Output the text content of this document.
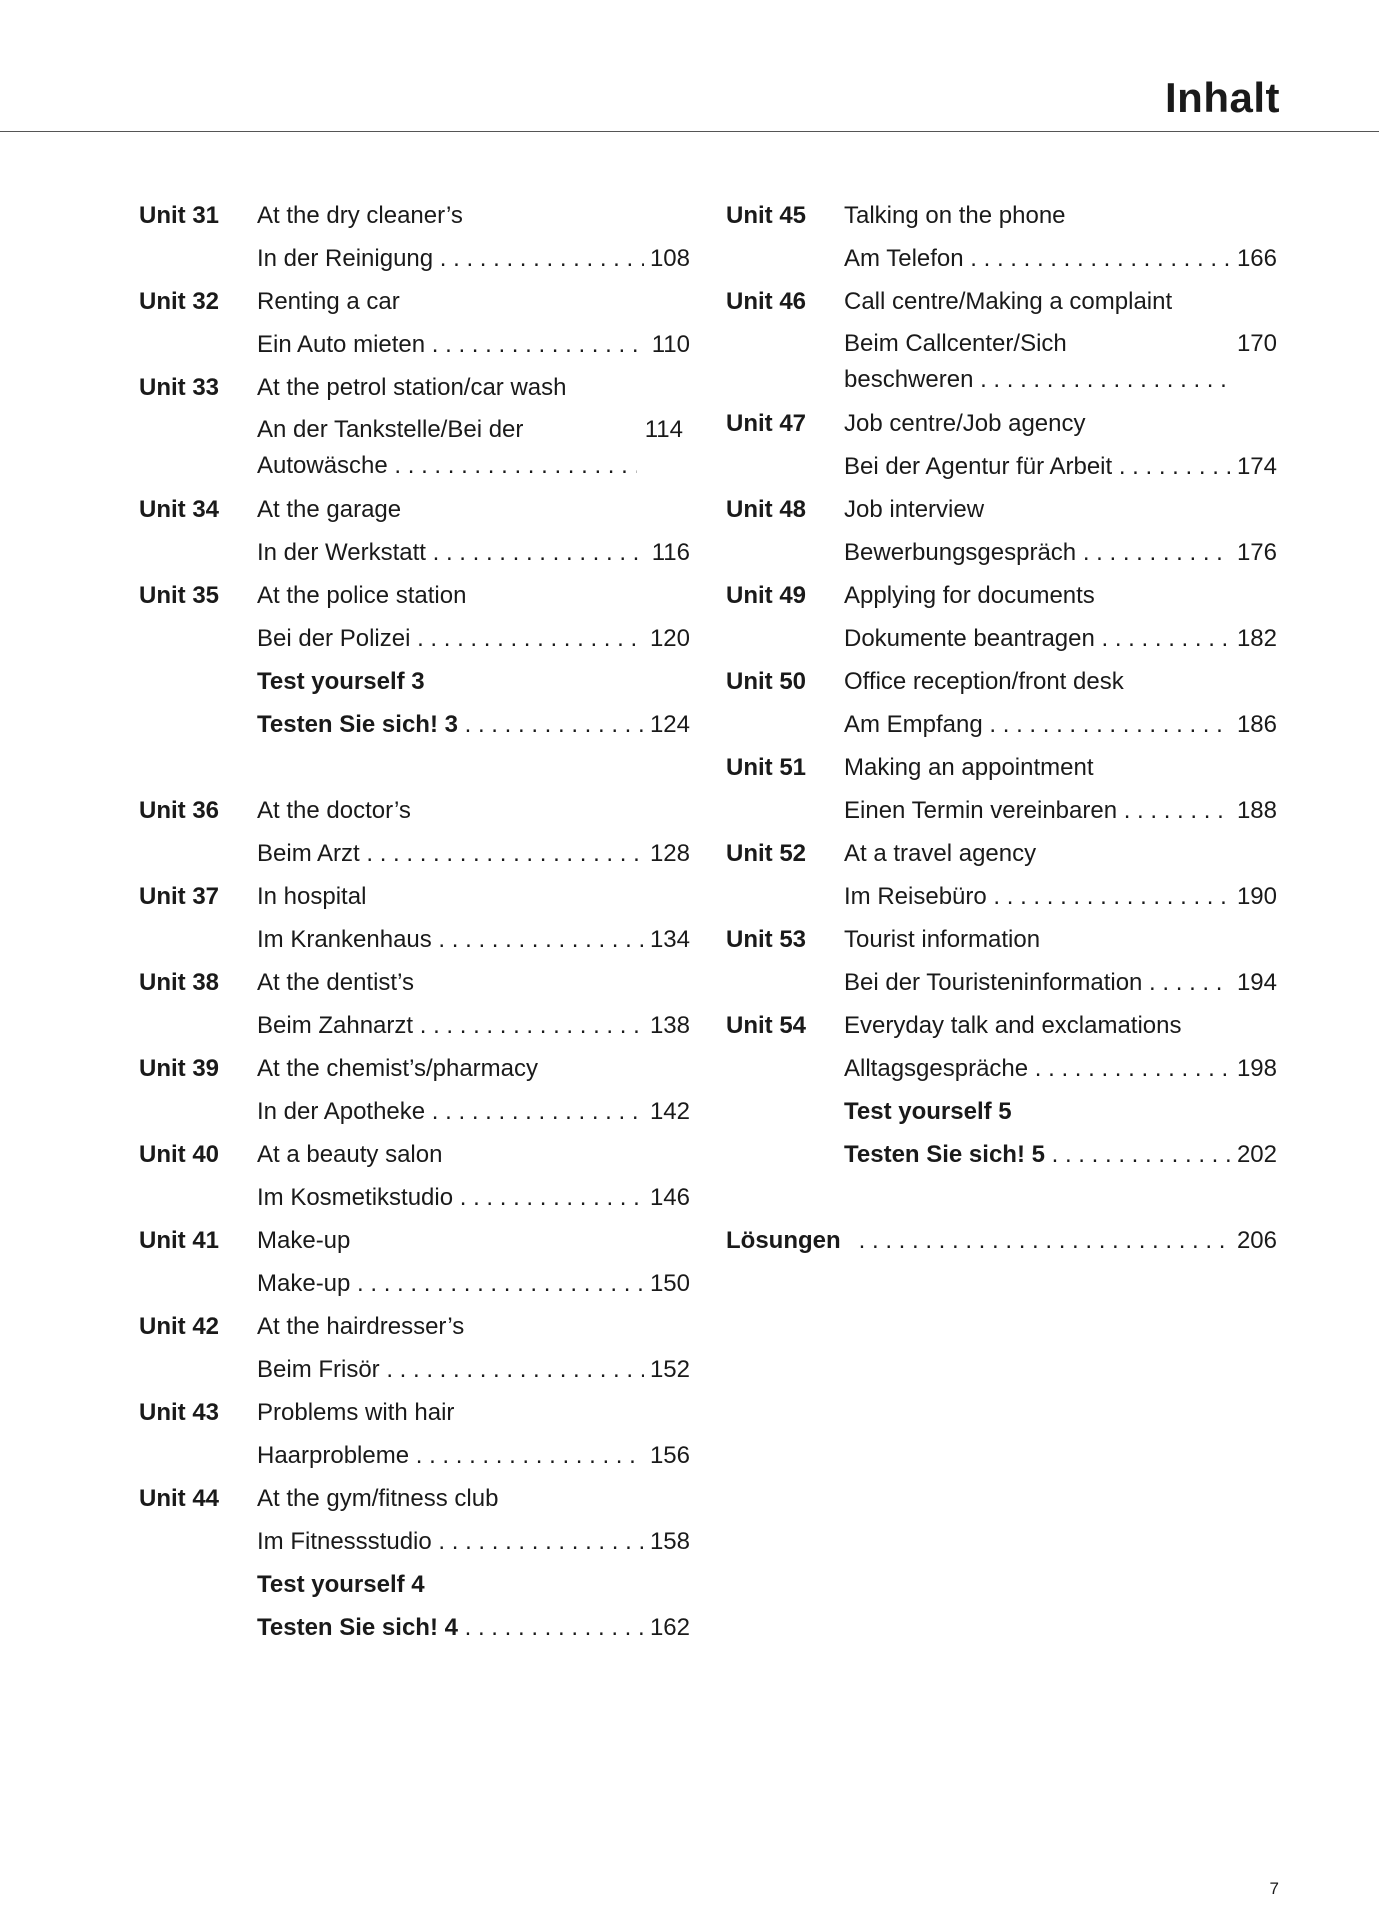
Inhalt
Unit 31	At the dry cleaner’s
In der Reinigung . . .	108
Unit 32	Renting a car
Ein Auto mieten . . .	110
Unit 33	At the petrol station/car wash
An der Tankstelle/Bei der Autowäsche . . .
114
Unit 34	At the garage
In der Werkstatt . . .	116
Unit 35	At the police station
Bei der Polizei . . .	120
Test yourself 3
Testen Sie sich! 3 . . .	124
Unit 36	At the doctor’s
Beim Arzt . . .	128
Unit 37	In hospital
Im Krankenhaus . . .	134
Unit 38	At the dentist’s
Beim Zahnarzt . . .	138
Unit 39	At the chemist’s/pharmacy
In der Apotheke . . .	142
Unit 40	At a beauty salon
Im Kosmetikstudio . . .	146
Unit 41	Make-up
Make-up . . .	150
Unit 42	At the hairdresser’s
Beim Frisör . . .	152
Unit 43	Problems with hair
Haarprobleme . . .	156
Unit 44	At the gym/fitness club
Im Fitnessstudio . . .	158
Test yourself 4
Testen Sie sich! 4 . . .	162
Unit 45	Talking on the phone
Am Telefon . . .	166
Unit 46	Call centre/Making a complaint
Beim Callcenter/Sich beschweren . . .
170
Unit 47	Job centre/Job agency
Bei der Agentur für Arbeit . . .	174
Unit 48	Job interview
Bewerbungsgespräch . . .	176
Unit 49	Applying for documents
Dokumente beantragen . . .	182
Unit 50	Office reception/front desk
Am Empfang . . .	186
Unit 51	Making an appointment
Einen Termin vereinbaren . . .	188
Unit 52	At a travel agency
Im Reisebüro . . .	190
Unit 53	Tourist information
Bei der Touristeninformation . . .	194
Unit 54	Everyday talk and exclamations
Alltagsgespräche . . .	198
Test yourself 5
Testen Sie sich! 5 . . .	202
Lösungen . . .	206
7
